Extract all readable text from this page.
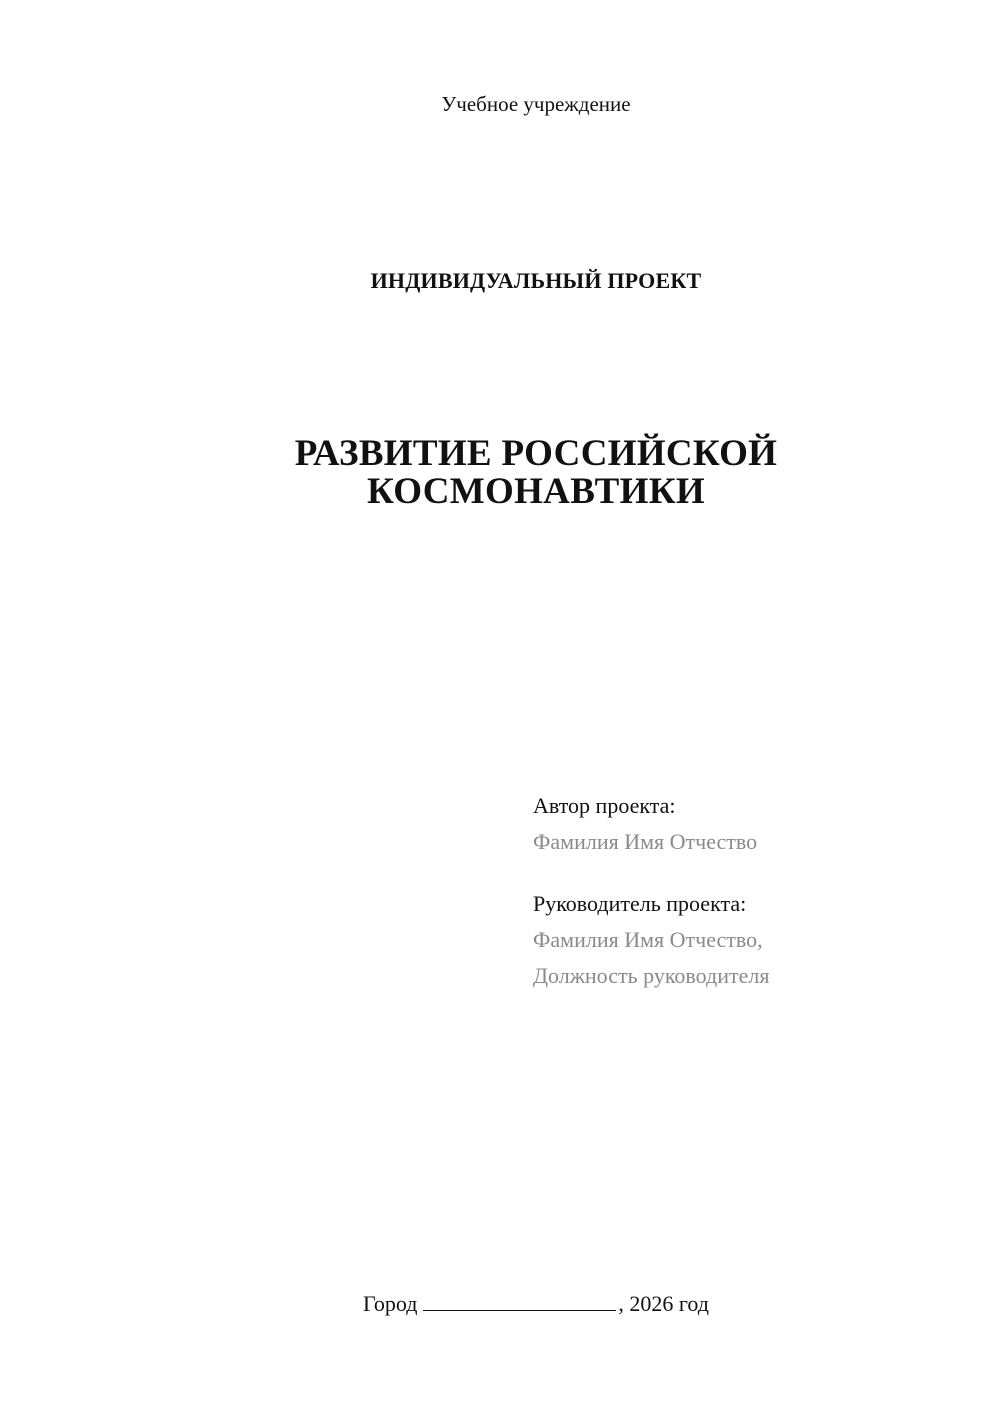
Учебное учреждение
ИНДИВИДУАЛЬНЫЙ ПРОЕКТ
РАЗВИТИЕ РОССИЙСКОЙ
КОСМОНАВТИКИ
Автор проекта:
Фамилия Имя Отчество
Руководитель проекта:
Фамилия Имя Отчество,
Должность руководителя
Город	, 2026 год
